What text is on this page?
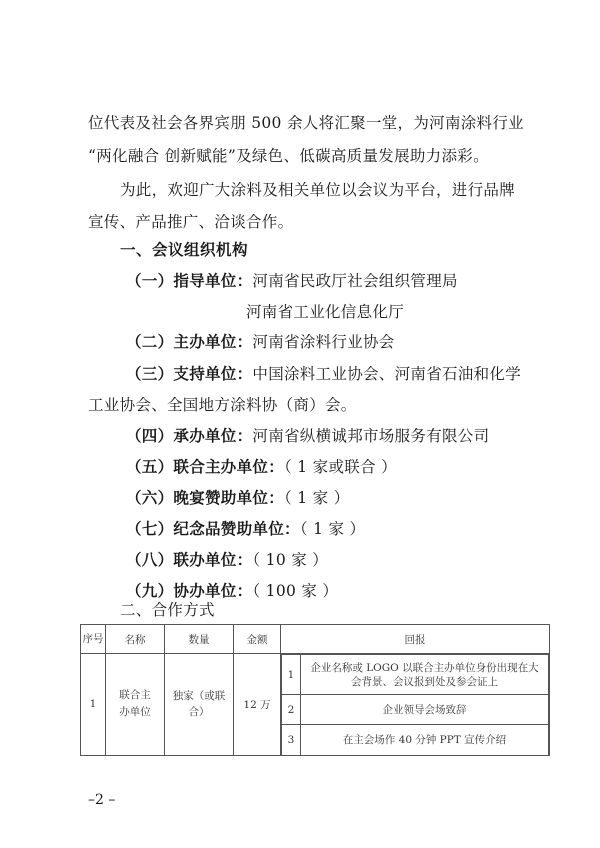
位代表及社会各界宾朋 500 余人将汇聚一堂，为河南涂料行业
“两化融合 创新赋能”及绿色、低碳高质量发展助力添彩。
为此，欢迎广大涂料及相关单位以会议为平台，进行品牌
宣传、产品推广、洽谈合作。
一、会议组织机构
（一）指导单位：河南省民政厅社会组织管理局
河南省工业化信息化厅
（二）主办单位：河南省涂料行业协会
（三）支持单位：中国涂料工业协会、河南省石油和化学
工业协会、全国地方涂料协（商）会。
（四）承办单位：河南省纵横诚邦市场服务有限公司
（五）联合主办单位：（ 1 家或联合 ）
（六）晚宴赞助单位：（ 1 家 ）
（七）纪念品赞助单位：（ 1 家 ）
（八）联办单位：（ 10 家 ）
（九）协办单位：（ 100 家 ）
二、合作方式
序号	名称	数量	金额	回报
1	联合主办单位	独家（或联合）	12 万	
1	企业名称或 LOGO 以联合主办单位身份出现在大会背景、会议报到处及参会证上
2	企业领导会场致辞
3	在主会场作 40 分钟 PPT 宣传介绍
–2 –
